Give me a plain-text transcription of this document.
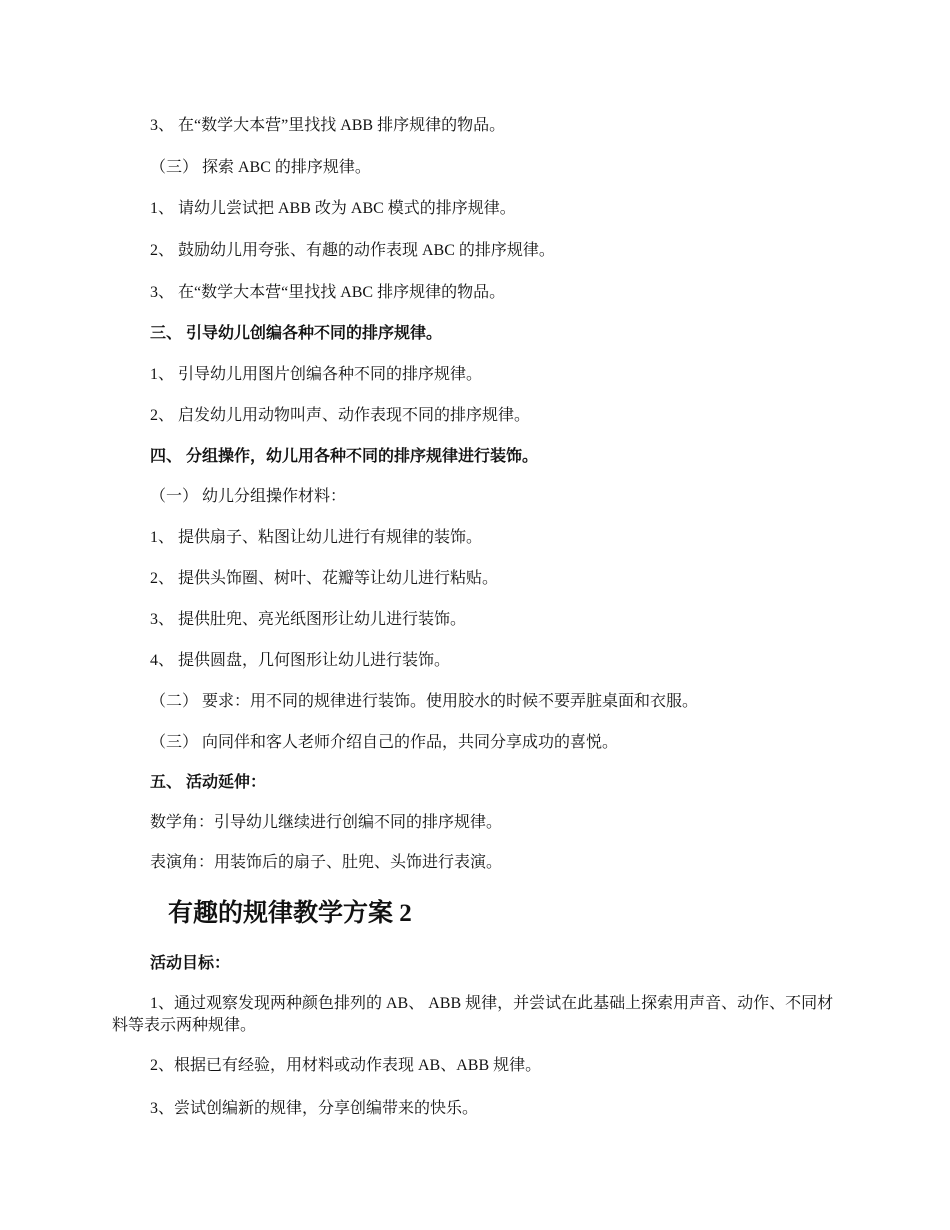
3、 在“数学大本营”里找找 ABB 排序规律的物品。

（三） 探索 ABC 的排序规律。

1、 请幼儿尝试把 ABB 改为 ABC 模式的排序规律。

2、 鼓励幼儿用夸张、有趣的动作表现 ABC 的排序规律。

3、 在“数学大本营“里找找 ABC 排序规律的物品。

三、 引导幼儿创编各种不同的排序规律。

1、 引导幼儿用图片创编各种不同的排序规律。

2、 启发幼儿用动物叫声、动作表现不同的排序规律。

四、 分组操作，幼儿用各种不同的排序规律进行装饰。

（一） 幼儿分组操作材料：

1、 提供扇子、粘图让幼儿进行有规律的装饰。

2、 提供头饰圈、树叶、花瓣等让幼儿进行粘贴。

3、 提供肚兜、亮光纸图形让幼儿进行装饰。

4、 提供圆盘，几何图形让幼儿进行装饰。

（二） 要求：用不同的规律进行装饰。使用胶水的时候不要弄脏桌面和衣服。

（三） 向同伴和客人老师介绍自己的作品，共同分享成功的喜悦。

五、 活动延伸：

数学角：引导幼儿继续进行创编不同的排序规律。

表演角：用装饰后的扇子、肚兜、头饰进行表演。

有趣的规律教学方案 2

活动目标：

1、通过观察发现两种颜色排列的 AB、 ABB 规律，并尝试在此基础上探索用声音、动作、不同材料等表示两种规律。

2、根据已有经验，用材料或动作表现 AB、ABB 规律。

3、尝试创编新的规律，分享创编带来的快乐。
